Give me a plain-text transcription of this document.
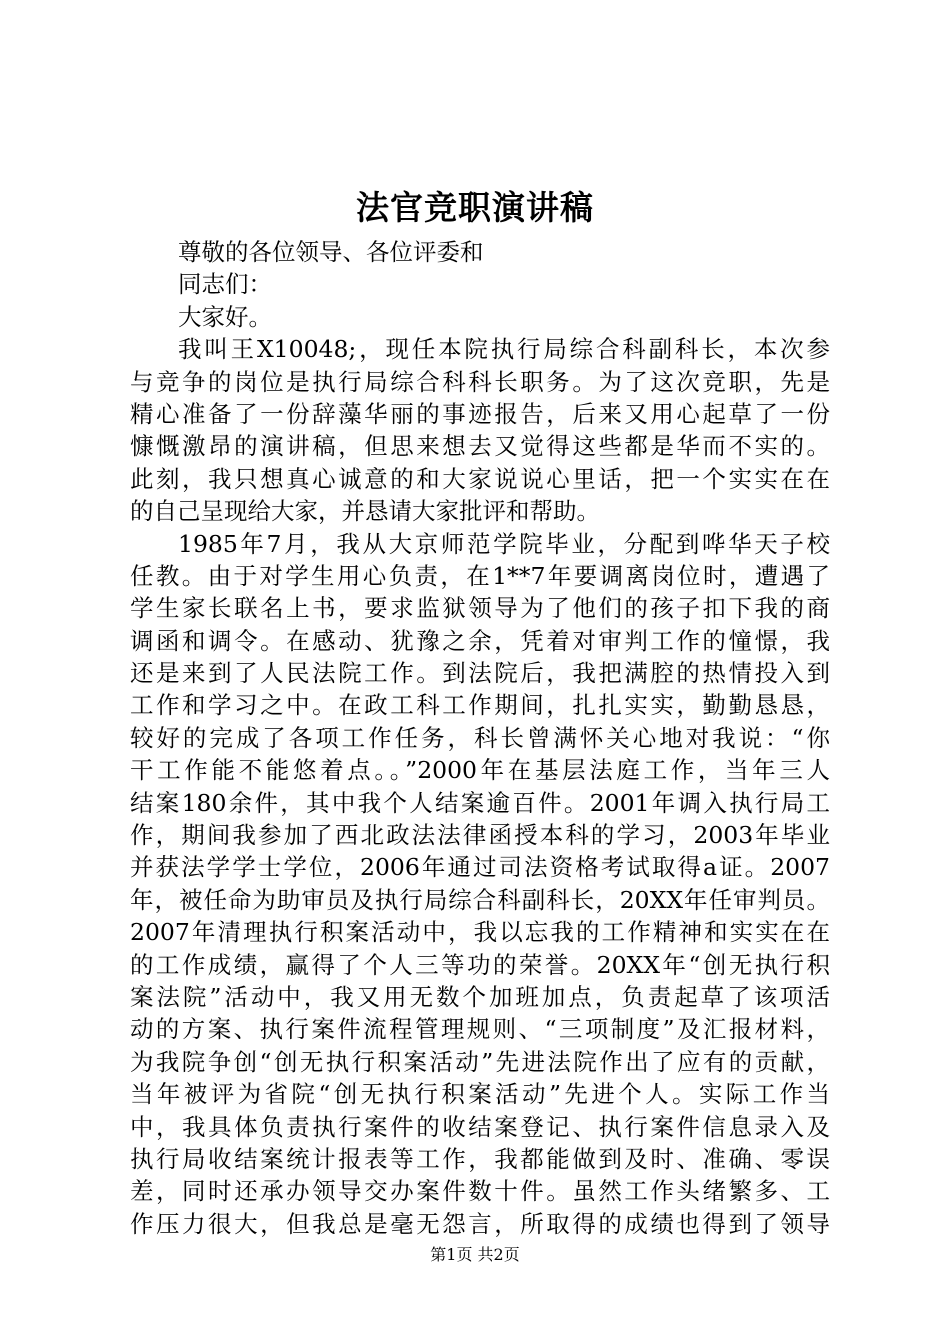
法官竞职演讲稿
尊敬的各位领导、各位评委和
同志们：
大家好。
我叫王X10048;，现任本院执行局综合科副科长，本次参
与竞争的岗位是执行局综合科科长职务。为了这次竞职，先是
精心准备了一份辞藻华丽的事迹报告，后来又用心起草了一份
慷慨激昂的演讲稿，但思来想去又觉得这些都是华而不实的。
此刻，我只想真心诚意的和大家说说心里话，把一个实实在在
的自己呈现给大家，并恳请大家批评和帮助。
1985年7月，我从大京师范学院毕业，分配到哗华天子校
任教。由于对学生用心负责，在1**7年要调离岗位时，遭遇了
学生家长联名上书，要求监狱领导为了他们的孩子扣下我的商
调函和调令。在感动、犹豫之余，凭着对审判工作的憧憬，我
还是来到了人民法院工作。到法院后，我把满腔的热情投入到
工作和学习之中。在政工科工作期间，扎扎实实，勤勤恳恳，
较好的完成了各项工作任务，科长曾满怀关心地对我说：“你
干工作能不能悠着点。。”2000年在基层法庭工作，当年三人
结案180余件，其中我个人结案逾百件。2001年调入执行局工
作，期间我参加了西北政法法律函授本科的学习，2003年毕业
并获法学学士学位，2006年通过司法资格考试取得a证。2007
年，被任命为助审员及执行局综合科副科长，20XX年任审判员。
2007年清理执行积案活动中，我以忘我的工作精神和实实在在
的工作成绩，赢得了个人三等功的荣誉。20XX年“创无执行积
案法院”活动中，我又用无数个加班加点，负责起草了该项活
动的方案、执行案件流程管理规则、“三项制度”及汇报材料，
为我院争创“创无执行积案活动”先进法院作出了应有的贡献，
当年被评为省院“创无执行积案活动”先进个人。实际工作当
中，我具体负责执行案件的收结案登记、执行案件信息录入及
执行局收结案统计报表等工作，我都能做到及时、准确、零误
差，同时还承办领导交办案件数十件。虽然工作头绪繁多、工
作压力很大，但我总是毫无怨言，所取得的成绩也得到了领导
第1页 共2页
